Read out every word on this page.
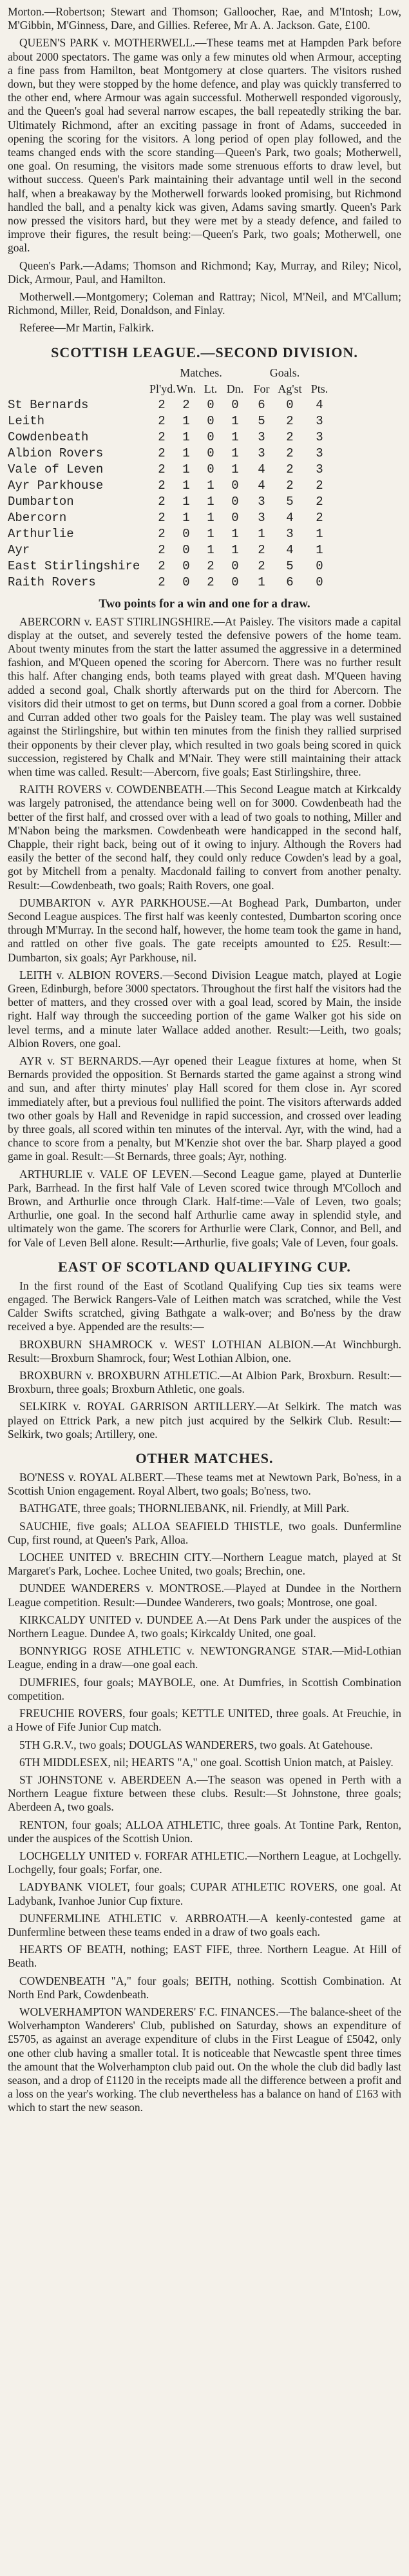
Morton.—Robertson; Stewart and Thomson; Galloocher, Rae, and M'Intosh; Low, M'Gibbin, M'Ginness, Dare, and Gillies. Referee, Mr A. A. Jackson. Gate, £100.

QUEEN'S PARK v. MOTHERWELL.—These teams met at Hampden Park before about 2000 spectators. The game was only a few minutes old when Armour, accepting a fine pass from Hamilton, beat Montgomery at close quarters. The visitors rushed down, but they were stopped by the home defence, and play was quickly transferred to the other end, where Armour was again successful. Motherwell responded vigorously, and the Queen's goal had several narrow escapes, the ball repeatedly striking the bar. Ultimately Richmond, after an exciting passage in front of Adams, succeeded in opening the scoring for the visitors. A long period of open play followed, and the teams changed ends with the score standing—Queen's Park, two goals; Motherwell, one goal. On resuming, the visitors made some strenuous efforts to draw level, but without success. Queen's Park maintaining their advantage until well in the second half, when a breakaway by the Motherwell forwards looked promising, but Richmond handled the ball, and a penalty kick was given, Adams saving smartly. Queen's Park now pressed the visitors hard, but they were met by a steady defence, and failed to improve their figures, the result being:—Queen's Park, two goals; Motherwell, one goal.

Queen's Park.—Adams; Thomson and Richmond; Kay, Murray, and Riley; Nicol, Dick, Armour, Paul, and Hamilton.

Motherwell.—Montgomery; Coleman and Rattray; Nicol, M'Neil, and M'Callum; Richmond, Miller, Reid, Donaldson, and Finlay.

Referee—Mr Martin, Falkirk.

SCOTTISH LEAGUE.—SECOND DIVISION.
Matches.	Goals.
Pl'yd. Wn. Lt. Dn. For Ag'st Pts.
St Bernards	2	2	0	0	6	0	4
Leith	2	1	0	1	5	2	3
Cowdenbeath	2	1	0	1	3	2	3
Albion Rovers	2	1	0	1	3	2	3
Vale of Leven	2	1	0	1	4	2	3
Ayr Parkhouse	2	1	1	0	4	2	2
Dumbarton	2	1	1	0	3	5	2
Abercorn	2	1	1	0	3	4	2
Arthurlie	2	0	1	1	1	3	1
Ayr	2	0	1	1	2	4	1
East Stirlingshire	2	0	2	0	2	5	0
Raith Rovers	2	0	2	0	1	6	0
Two points for a win and one for a draw.

ABERCORN v. EAST STIRLINGSHIRE.—At Paisley. The visitors made a capital display at the outset, and severely tested the defensive powers of the home team. About twenty minutes from the start the latter assumed the aggressive in a determined fashion, and M'Queen opened the scoring for Abercorn. There was no further result this half. After changing ends, both teams played with great dash. M'Queen having added a second goal, Chalk shortly afterwards put on the third for Abercorn. The visitors did their utmost to get on terms, but Dunn scored a goal from a corner. Dobbie and Curran added other two goals for the Paisley team. The play was well sustained against the Stirlingshire, but within ten minutes from the finish they rallied surprised their opponents by their clever play, which resulted in two goals being scored in quick succession, registered by Chalk and M'Nair. They were still maintaining their attack when time was called. Result:—Abercorn, five goals; East Stirlingshire, three.

RAITH ROVERS v. COWDENBEATH.—This Second League match at Kirkcaldy was largely patronised, the attendance being well on for 3000. Cowdenbeath had the better of the first half, and crossed over with a lead of two goals to nothing, Miller and M'Nabon being the marksmen. Cowdenbeath were handicapped in the second half, Chapple, their right back, being out of it owing to injury. Although the Rovers had easily the better of the second half, they could only reduce Cowden's lead by a goal, got by Mitchell from a penalty. Macdonald failing to convert from another penalty. Result:—Cowdenbeath, two goals; Raith Rovers, one goal.

DUMBARTON v. AYR PARKHOUSE.—At Boghead Park, Dumbarton, under Second League auspices. The first half was keenly contested, Dumbarton scoring once through M'Murray. In the second half, however, the home team took the game in hand, and rattled on other five goals. The gate receipts amounted to £25. Result:—Dumbarton, six goals; Ayr Parkhouse, nil.

LEITH v. ALBION ROVERS.—Second Division League match, played at Logie Green, Edinburgh, before 3000 spectators. Throughout the first half the visitors had the better of matters, and they crossed over with a goal lead, scored by Main, the inside right. Half way through the succeeding portion of the game Walker got his side on level terms, and a minute later Wallace added another. Result:—Leith, two goals; Albion Rovers, one goal.

AYR v. ST BERNARDS.—Ayr opened their League fixtures at home, when St Bernards provided the opposition. St Bernards started the game against a strong wind and sun, and after thirty minutes' play Hall scored for them close in. Ayr scored immediately after, but a previous foul nullified the point. The visitors afterwards added two other goals by Hall and Revenidge in rapid succession, and crossed over leading by three goals, all scored within ten minutes of the interval. Ayr, with the wind, had a chance to score from a penalty, but M'Kenzie shot over the bar. Sharp played a good game in goal. Result:—St Bernards, three goals; Ayr, nothing.

ARTHURLIE v. VALE OF LEVEN.—Second League game, played at Dunterlie Park, Barrhead. In the first half Vale of Leven scored twice through M'Colloch and Brown, and Arthurlie once through Clark. Half-time:—Vale of Leven, two goals; Arthurlie, one goal. In the second half Arthurlie came away in splendid style, and ultimately won the game. The scorers for Arthurlie were Clark, Connor, and Bell, and for Vale of Leven Bell alone. Result:—Arthurlie, five goals; Vale of Leven, four goals.

EAST OF SCOTLAND QUALIFYING CUP.

In the first round of the East of Scotland Qualifying Cup ties six teams were engaged. The Berwick Rangers-Vale of Leithen match was scratched, while the Vest Calder Swifts scratched, giving Bathgate a walk-over; and Bo'ness by the draw received a bye. Appended are the results:—

BROXBURN SHAMROCK v. WEST LOTHIAN ALBION.—At Winchburgh. Result:—Broxburn Shamrock, four; West Lothian Albion, one.

BROXBURN v. BROXBURN ATHLETIC.—At Albion Park, Broxburn. Result:—Broxburn, three goals; Broxburn Athletic, one goals.

SELKIRK v. ROYAL GARRISON ARTILLERY.—At Selkirk. The match was played on Ettrick Park, a new pitch just acquired by the Selkirk Club. Result:—Selkirk, two goals; Artillery, one.

OTHER MATCHES.

BO'NESS v. ROYAL ALBERT.—These teams met at Newtown Park, Bo'ness, in a Scottish Union engagement. Royal Albert, two goals; Bo'ness, two.

BATHGATE, three goals; THORNLIEBANK, nil. Friendly, at Mill Park.

SAUCHIE, five goals; ALLOA SEAFIELD THISTLE, two goals. Dunfermline Cup, first round, at Queen's Park, Alloa.

LOCHEE UNITED v. BRECHIN CITY.—Northern League match, played at St Margaret's Park, Lochee. Lochee United, two goals; Brechin, one.

DUNDEE WANDERERS v. MONTROSE.—Played at Dundee in the Northern League competition. Result:—Dundee Wanderers, two goals; Montrose, one goal.

KIRKCALDY UNITED v. DUNDEE A.—At Dens Park under the auspices of the Northern League. Dundee A, two goals; Kirkcaldy United, one goal.

BONNYRIGG ROSE ATHLETIC v. NEWTONGRANGE STAR.—Mid-Lothian League, ending in a draw—one goal each.

DUMFRIES, four goals; MAYBOLE, one. At Dumfries, in Scottish Combination competition.

FREUCHIE ROVERS, four goals; KETTLE UNITED, three goals. At Freuchie, in a Howe of Fife Junior Cup match.

5TH G.R.V., two goals; DOUGLAS WANDERERS, two goals. At Gatehouse.

6TH MIDDLESEX, nil; HEARTS "A," one goal. Scottish Union match, at Paisley.

ST JOHNSTONE v. ABERDEEN A.—The season was opened in Perth with a Northern League fixture between these clubs. Result:—St Johnstone, three goals; Aberdeen A, two goals.

RENTON, four goals; ALLOA ATHLETIC, three goals. At Tontine Park, Renton, under the auspices of the Scottish Union.

LOCHGELLY UNITED v. FORFAR ATHLETIC.—Northern League, at Lochgelly. Lochgelly, four goals; Forfar, one.

LADYBANK VIOLET, four goals; CUPAR ATHLETIC ROVERS, one goal. At Ladybank, Ivanhoe Junior Cup fixture.

DUNFERMLINE ATHLETIC v. ARBROATH.—A keenly-contested game at Dunfermline between these teams ended in a draw of two goals each.

HEARTS OF BEATH, nothing; EAST FIFE, three. Northern League. At Hill of Beath.

COWDENBEATH "A," four goals; BEITH, nothing. Scottish Combination. At North End Park, Cowdenbeath.

WOLVERHAMPTON WANDERERS' F.C. FINANCES.—The balance-sheet of the Wolverhampton Wanderers' Club, published on Saturday, shows an expenditure of £5705, as against an average expenditure of clubs in the First League of £5042, only one other club having a smaller total. It is noticeable that Newcastle spent three times the amount that the Wolverhampton club paid out. On the whole the club did badly last season, and a drop of £1120 in the receipts made all the difference between a profit and a loss on the year's working. The club nevertheless has a balance on hand of £163 with which to start the new season.
